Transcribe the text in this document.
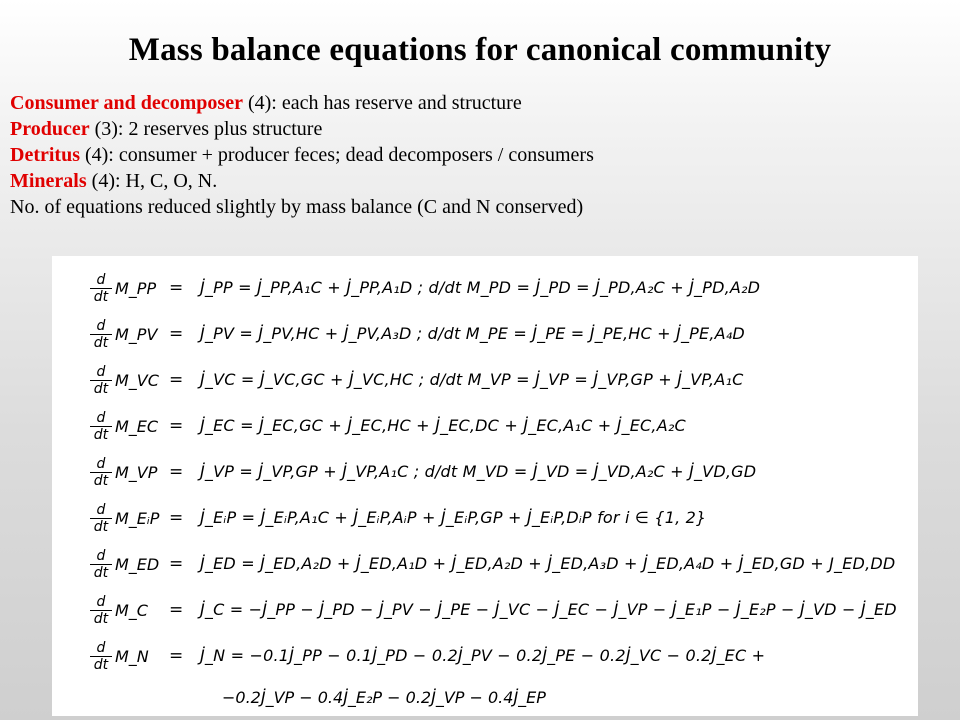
Mass balance equations for canonical community
Consumer and decomposer (4): each has reserve and structure
Producer (3): 2 reserves plus structure
Detritus (4): consumer + producer feces; dead decomposers / consumers
Minerals (4): H, C, O, N.
No. of equations reduced slightly by mass balance (C and N conserved)
$\frac{d}{dt}$ M_PP = J̇_PP = J̇_PP,A₁C + J̇_PP,A₁D ; d/dt M_PD = J̇_PD = J̇_PD,A₂C + J̇_PD,A₂D
$\frac{d}{dt}$ M_PV = J̇_PV = J̇_PV,HC + J̇_PV,A₃D ; d/dt M_PE = J̇_PE = J̇_PE,HC + J̇_PE,A₄D
$\frac{d}{dt}$ M_VC = J̇_VC = J̇_VC,GC + J̇_VC,HC ; d/dt M_VP = J̇_VP = J̇_VP,GP + J̇_VP,A₁C
$\frac{d}{dt}$ M_EC = J̇_EC = J̇_EC,GC + J̇_EC,HC + J̇_EC,DC + J̇_EC,A₁C + J̇_EC,A₂C
$\frac{d}{dt}$ M_VP = J̇_VP = J̇_VP,GP + J̇_VP,A₁C ; d/dt M_VD = J̇_VD = J̇_VD,A₂C + J̇_VD,GD
$\frac{d}{dt}$ M_EᵢP = J̇_EᵢP = J̇_EᵢP,A₁C + J̇_EᵢP,AᵢP + J̇_EᵢP,GP + J̇_EᵢP,DᵢP for i ∈ {1, 2}
$\frac{d}{dt}$ M_ED = J̇_ED = J̇_ED,A₂D + J̇_ED,A₁D + J̇_ED,A₂D + J̇_ED,A₃D + J̇_ED,A₄D + J̇_ED,GD + J_ED,DD
$\frac{d}{dt}$ M_C = J̇_C = −J̇_PP − J̇_PD − J̇_PV − J̇_PE − J̇_VC − J̇_EC − J̇_VP − J̇_E₁P − J̇_E₂P − J̇_VD − J̇_ED
$\frac{d}{dt}$ M_N = J̇_N = −0.1J̇_PP − 0.1J̇_PD − 0.2J̇_PV − 0.2J̇_PE − 0.2J̇_VC − 0.2J̇_EC +
−0.2J̇_VP − 0.4J̇_E₂P − 0.2J̇_VP − 0.4J̇_EP
